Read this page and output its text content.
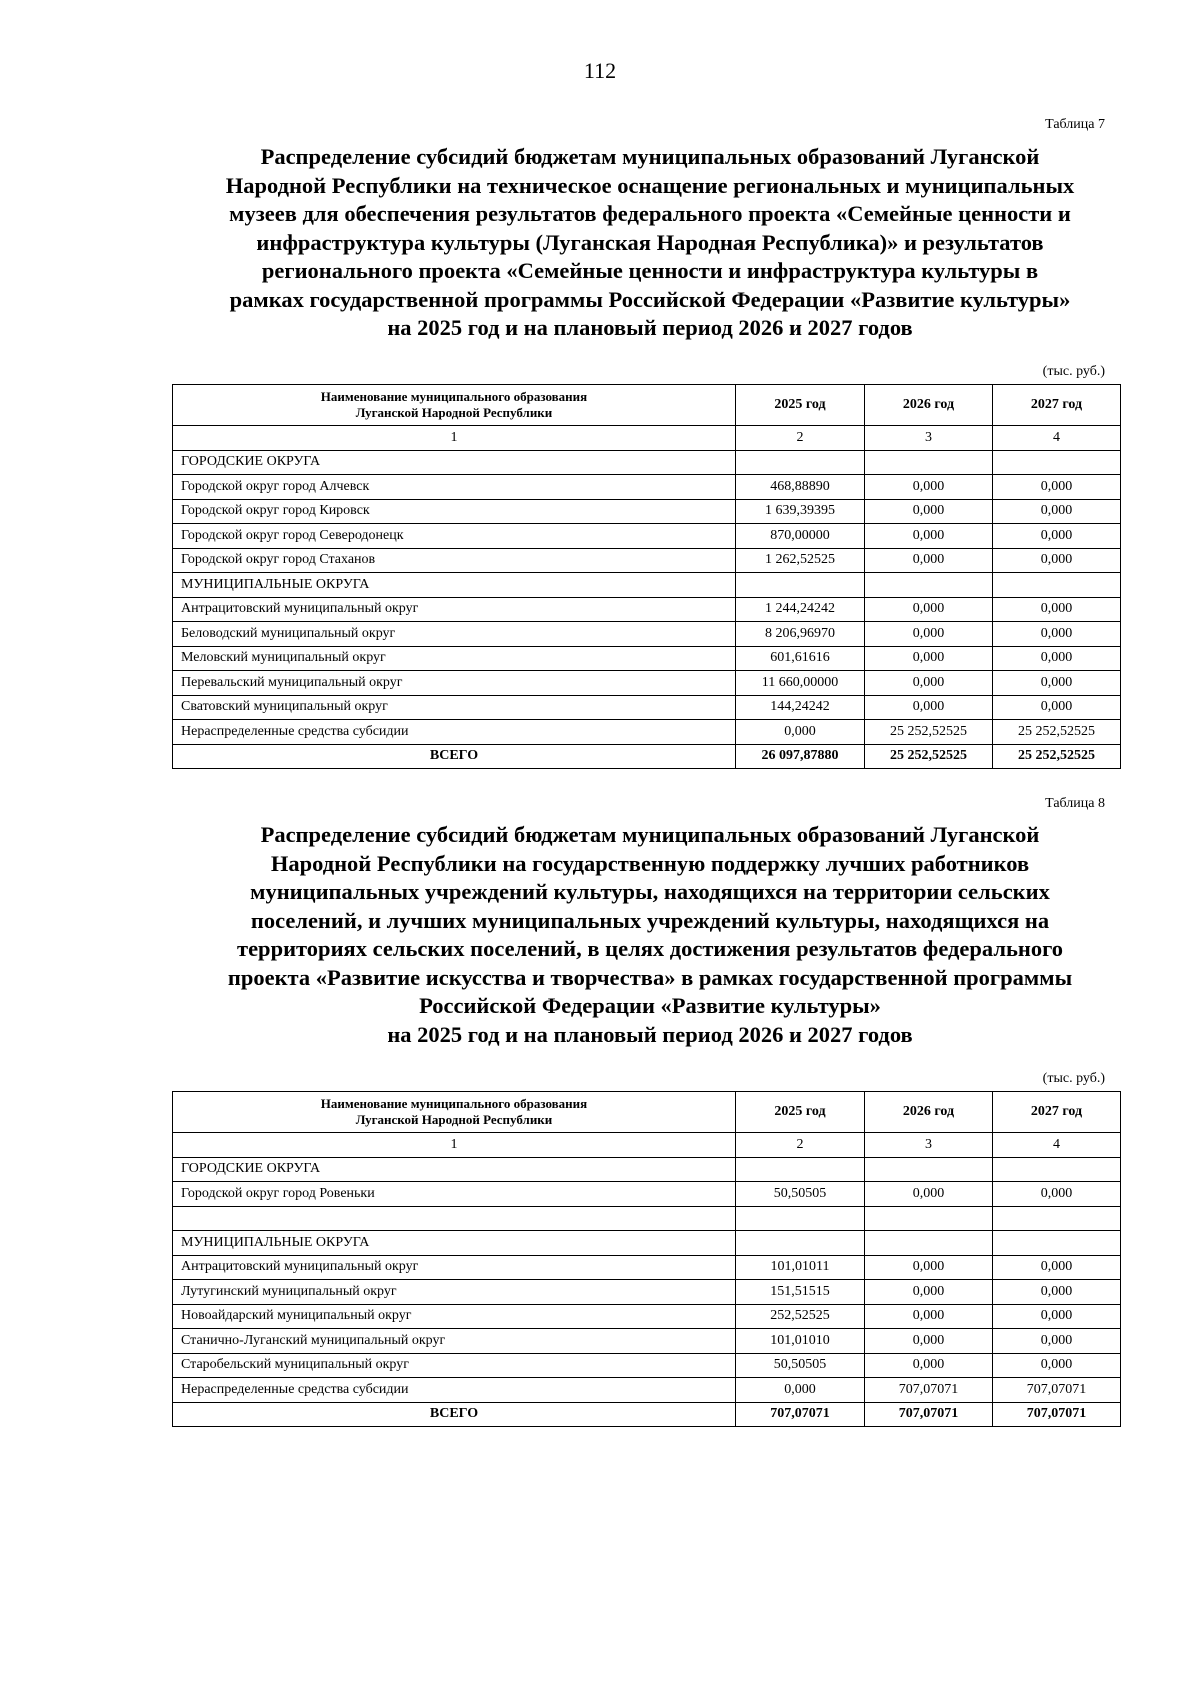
112
Таблица 7
Распределение субсидий бюджетам муниципальных образований Луганской
Народной Республики на техническое оснащение региональных и муниципальных
музеев для обеспечения результатов федерального проекта «Семейные ценности и
инфраструктура культуры (Луганская Народная Республика)» и результатов
регионального проекта «Семейные ценности и инфраструктура культуры в
рамках государственной программы Российской Федерации «Развитие культуры»
на 2025 год и на плановый период 2026 и 2027 годов
(тыс. руб.)
Наименование муниципального образования
Луганской Народной Республики	2025 год	2026 год	2027 год
1	2	3	4
ГОРОДСКИЕ ОКРУГА			
Городской округ город Алчевск	468,88890	0,000	0,000
Городской округ город Кировск	1 639,39395	0,000	0,000
Городской округ город Северодонецк	870,00000	0,000	0,000
Городской округ город Стаханов	1 262,52525	0,000	0,000
МУНИЦИПАЛЬНЫЕ ОКРУГА			
Антрацитовский муниципальный округ	1 244,24242	0,000	0,000
Беловодский муниципальный округ	8 206,96970	0,000	0,000
Меловский муниципальный округ	601,61616	0,000	0,000
Перевальский муниципальный округ	11 660,00000	0,000	0,000
Сватовский муниципальный округ	144,24242	0,000	0,000
Нераспределенные средства субсидии	0,000	25 252,52525	25 252,52525
ВСЕГО	26 097,87880	25 252,52525	25 252,52525
Таблица 8
Распределение субсидий бюджетам муниципальных образований Луганской
Народной Республики на государственную поддержку лучших работников
муниципальных учреждений культуры, находящихся на территории сельских
поселений, и лучших муниципальных учреждений культуры, находящихся на
территориях сельских поселений, в целях достижения результатов федерального
проекта «Развитие искусства и творчества» в рамках государственной программы
Российской Федерации «Развитие культуры»
на 2025 год и на плановый период 2026 и 2027 годов
(тыс. руб.)
Наименование муниципального образования
Луганской Народной Республики	2025 год	2026 год	2027 год
1	2	3	4
ГОРОДСКИЕ ОКРУГА			
Городской округ город Ровеньки	50,50505	0,000	0,000

МУНИЦИПАЛЬНЫЕ ОКРУГА			
Антрацитовский муниципальный округ	101,01011	0,000	0,000
Лутугинский муниципальный округ	151,51515	0,000	0,000
Новоайдарский муниципальный округ	252,52525	0,000	0,000
Станично-Луганский муниципальный округ	101,01010	0,000	0,000
Старобельский муниципальный округ	50,50505	0,000	0,000
Нераспределенные средства субсидии	0,000	707,07071	707,07071
ВСЕГО	707,07071	707,07071	707,07071
